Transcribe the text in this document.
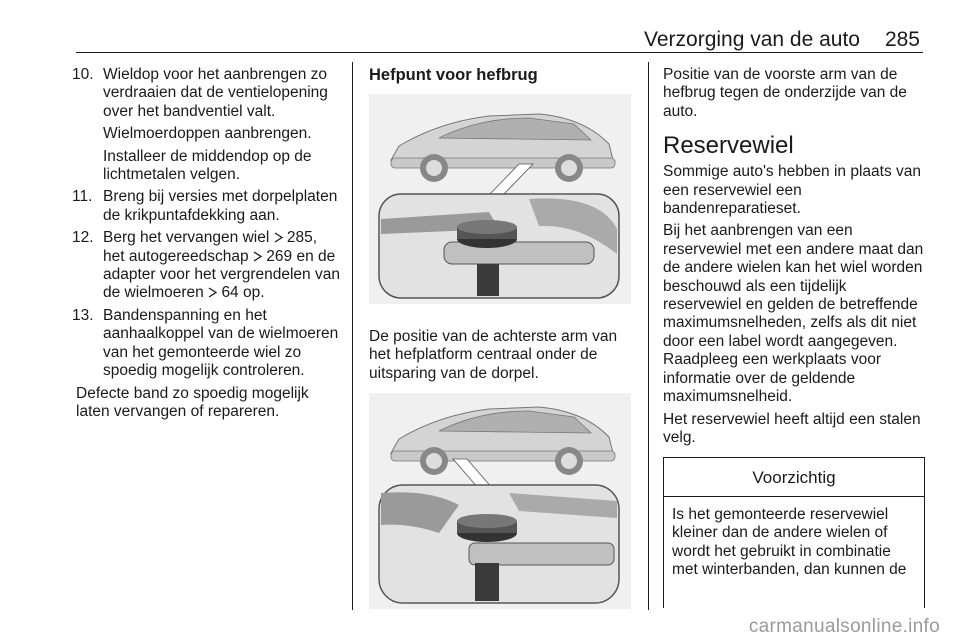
Verzorging van de auto 285
10. Wieldop voor het aanbrengen zo verdraaien dat de ventielopening over het bandventiel valt.
Wielmoerdoppen aanbrengen.
Installeer de middendop op de lichtmetalen velgen.
11. Breng bij versies met dorpelplaten de krikpuntafdekking aan.
12. Berg het vervangen wiel 285, het autogereedschap 269 en de adapter voor het vergrendelen van de wielmoeren 64 op.
13. Bandenspanning en het aanhaalkoppel van de wielmoeren van het gemonteerde wiel zo spoedig mogelijk controleren.
Defecte band zo spoedig mogelijk laten vervangen of repareren.
Hefpunt voor hefbrug
De positie van de achterste arm van het hefplatform centraal onder de uitsparing van de dorpel.
Positie van de voorste arm van de hefbrug tegen de onderzijde van de auto.
Reservewiel
Sommige auto's hebben in plaats van een reservewiel een bandenreparatieset.
Bij het aanbrengen van een reservewiel met een andere maat dan de andere wielen kan het wiel worden beschouwd als een tijdelijk reservewiel en gelden de betreffende maximumsnelheden, zelfs als dit niet door een label wordt aangegeven. Raadpleeg een werkplaats voor informatie over de geldende maximumsnelheid.
Het reservewiel heeft altijd een stalen velg.
Voorzichtig
Is het gemonteerde reservewiel kleiner dan de andere wielen of wordt het gebruikt in combinatie met winterbanden, dan kunnen de
carmanualsonline.info
